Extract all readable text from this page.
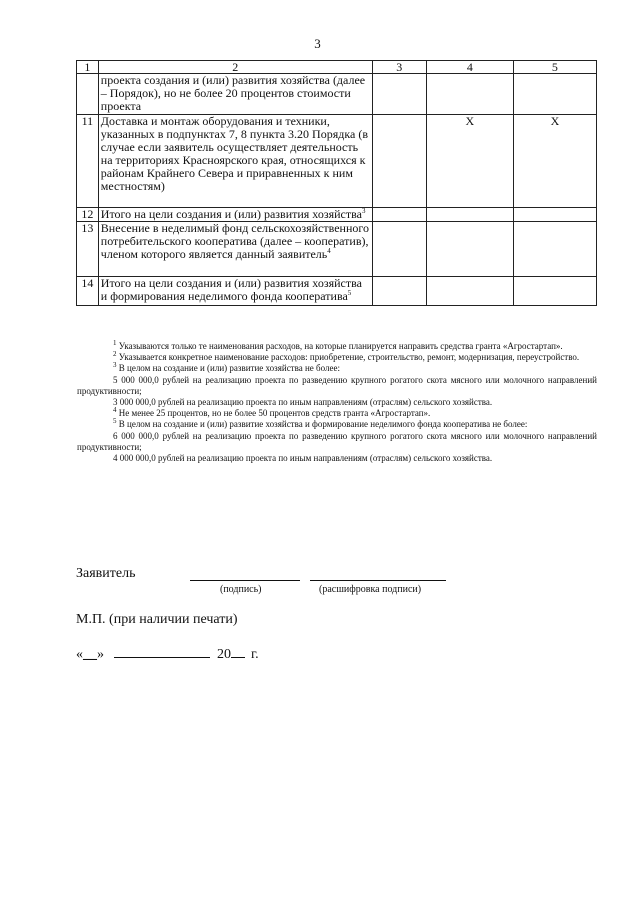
3
1	2	3	4	5
	проекта создания и (или) развития хозяйства (далее – Порядок), но не более 20 процентов стоимости проекта			
11	Доставка и монтаж оборудования и техники, указанных в подпунктах 7, 8 пункта 3.20 Порядка (в случае если заявитель осуществляет деятельность на территориях Красноярского края, относящихся к районам Крайнего Севера и приравненных к ним местностям)		X	X
12	Итого на цели создания и (или) развития хозяйства$^3$			
13	Внесение в неделимый фонд сельскохозяйственного потребительского кооператива (далее – кооператив), членом которого является данный заявитель$^4$			
14	Итого на цели создания и (или) развития хозяйства и формирования неделимого фонда кооператива$^5$			

$^1$ Указываются только те наименования расходов, на которые планируется направить средства гранта «Агростартап».

$^2$ Указывается конкретное наименование расходов: приобретение, строительство, ремонт, модернизация, переустройство.

$^3$ В целом на создание и (или) развитие хозяйства не более:

5 000 000,0 рублей на реализацию проекта по разведению крупного рогатого скота мясного или молочного направлений продуктивности;

3 000 000,0 рублей на реализацию проекта по иным направлениям (отраслям) сельского хозяйства.

$^4$ Не менее 25 процентов, но не более 50 процентов средств гранта «Агростартап».

$^5$ В целом на создание и (или) развитие хозяйства и формирование неделимого фонда кооператива не более:

6 000 000,0 рублей на реализацию проекта по разведению крупного рогатого скота мясного или молочного направлений продуктивности;

4 000 000,0 рублей на реализацию проекта по иным направлениям (отраслям) сельского хозяйства.

Заявитель
(подпись)	(расшифровка подписи)
М.П. (при наличии печати)
«__»	20 г.
